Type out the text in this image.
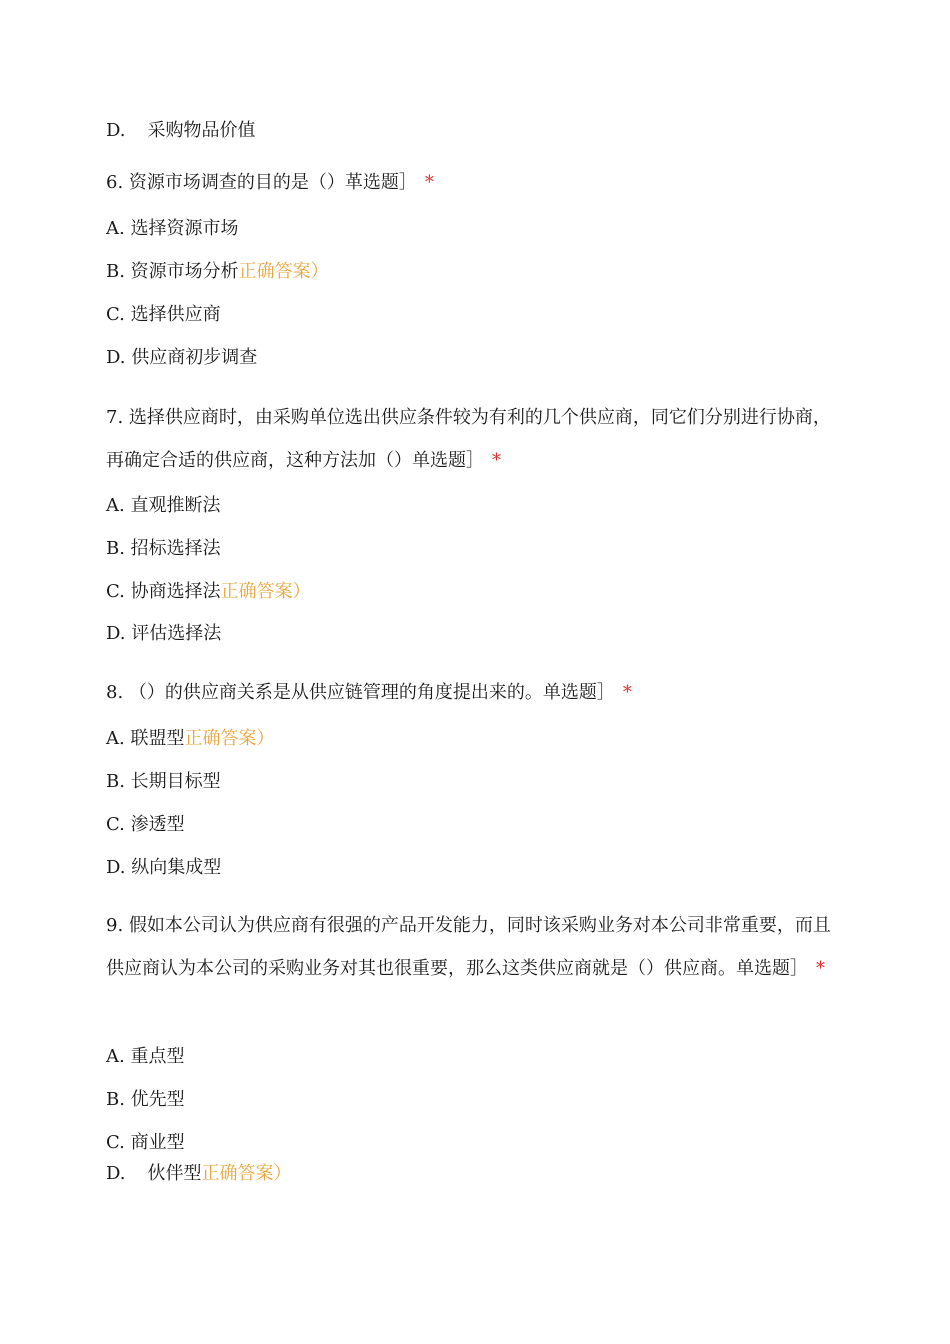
D. 采购物品价值
6. 资源市场调查的目的是（）革选题］ *
A. 选择资源市场
B. 资源市场分析正确答案）
C. 选择供应商
D. 供应商初步调查
7. 选择供应商时，由采购单位选出供应条件较为有利的几个供应商，同它们分别进行协商，再确定合适的供应商，这种方法加（）单选题］ *
A. 直观推断法
B. 招标选择法
C. 协商选择法正确答案）
D. 评估选择法
8. （）的供应商关系是从供应链管理的角度提出来的。单选题］ *
A. 联盟型正确答案）
B. 长期目标型
C. 渗透型
D. 纵向集成型
9. 假如本公司认为供应商有很强的产品开发能力，同时该采购业务对本公司非常重要，而且供应商认为本公司的采购业务对其也很重要，那么这类供应商就是（）供应商。单选题］ *
A. 重点型
B. 优先型
C. 商业型
D. 伙伴型正确答案）
